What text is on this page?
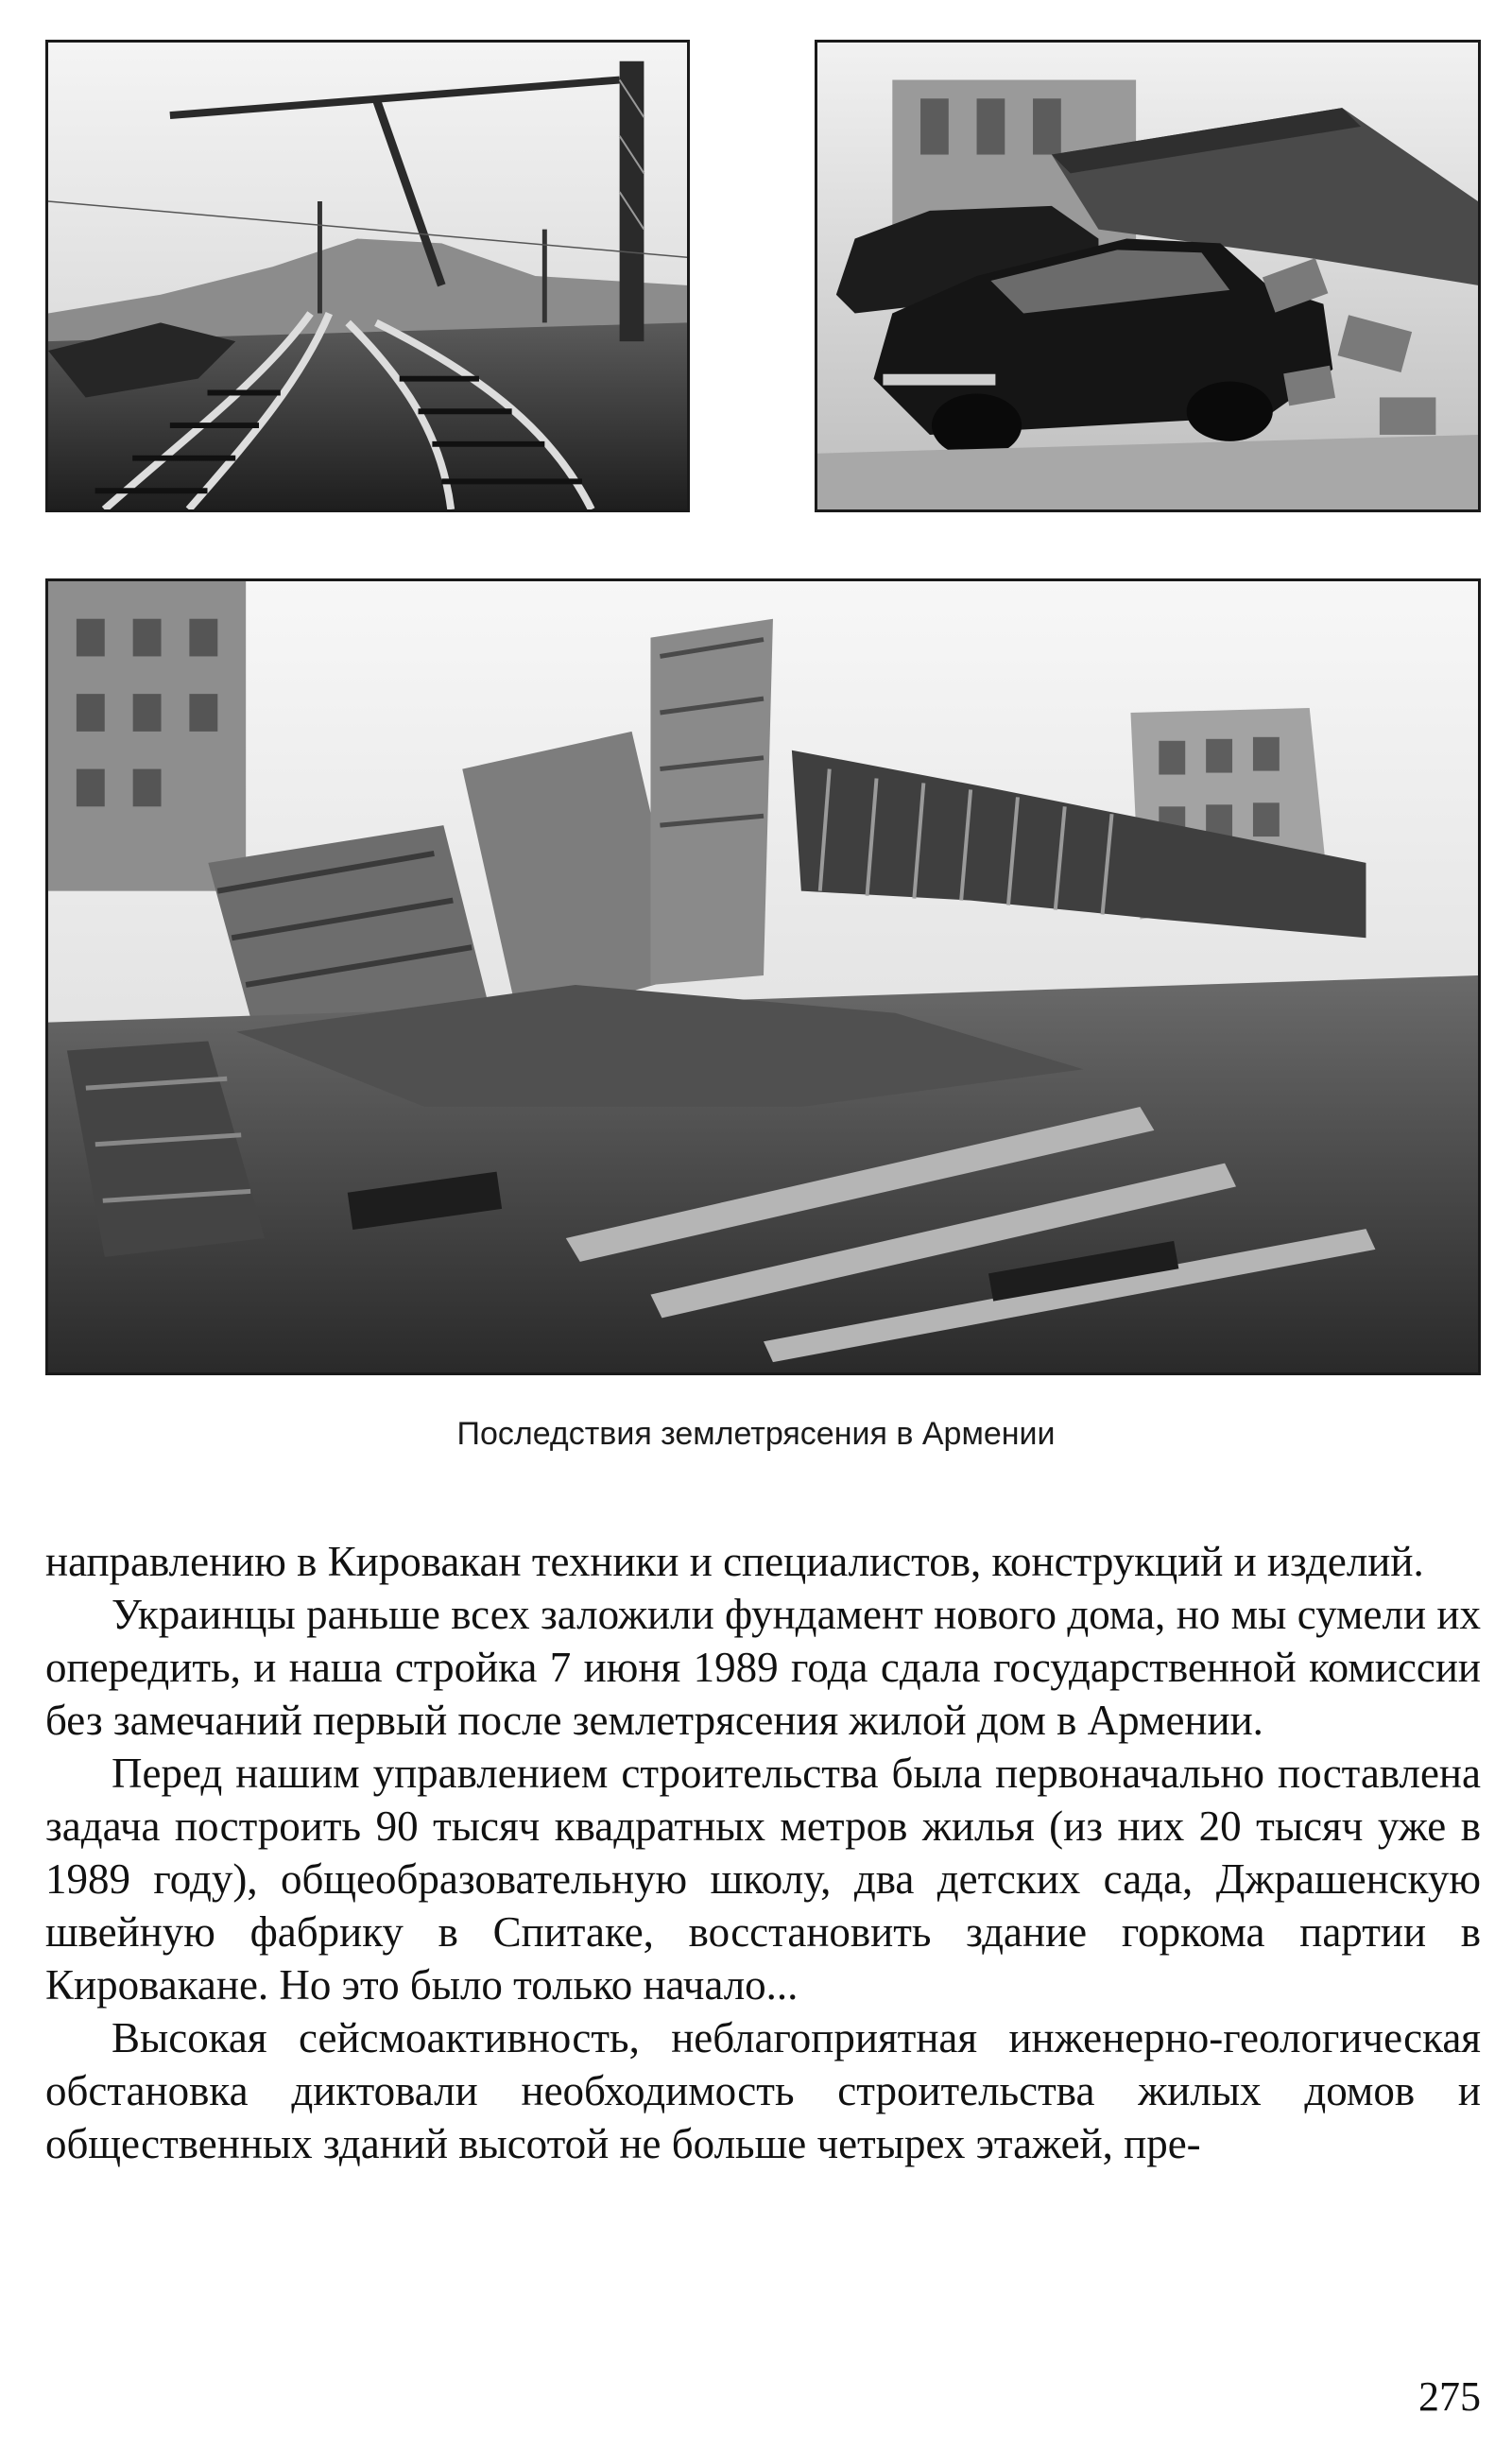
Последствия землетрясения в Армении

направлению в Кировакан техники и специалистов, конструкций и изделий.

Украинцы раньше всех заложили фундамент нового дома, но мы сумели их опередить, и наша стройка 7 июня 1989 года сдала государственной комиссии без замечаний первый после землетрясения жилой дом в Армении.

Перед нашим управлением строительства была первоначально поставлена задача построить 90 тысяч квадратных метров жилья (из них 20 тысяч уже в 1989 году), общеобразовательную школу, два детских сада, Джрашенскую швейную фабрику в Спитаке, восстановить здание горкома партии в Кировакане. Но это было только начало...

Высокая сейсмоактивность, неблагоприятная инженерно-геологическая обстановка диктовали необходимость строительства жилых домов и общественных зданий высотой не больше четырех этажей, пре-

275
